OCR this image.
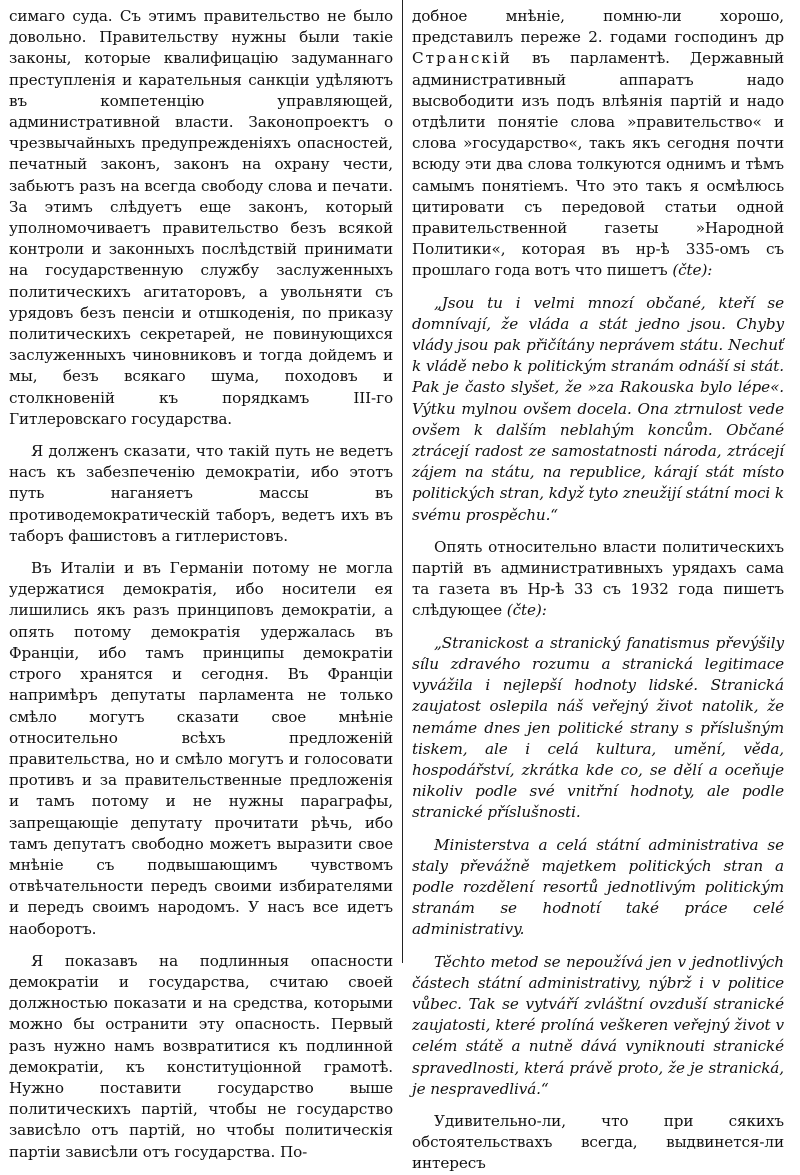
симаго суда. Съ этимъ правительство не было довольно. Правительству нужны были такіе законы, которые квалифицацію задуманнаго преступленія и карательныя санкціи удѣляютъ въ компетенцію управляющей, административной власти. Законопроектъ о чрезвычайныхъ предупрежденіяхъ опасностей, печатный законъ, законъ на охрану чести, забьютъ разъ на всегда свободу слова и печати. За этимъ слѣдуетъ еще законъ, который уполномочиваетъ правительство безъ всякой контроли и законныхъ послѣдствій принимати на государственную службу заслуженныхъ политическихъ агитаторовъ, а увольняти съ урядовъ безъ пенсіи и отшкоденія, по приказу политическихъ секретарей, не повинующихся заслуженныхъ чиновниковъ и тогда дойдемъ и мы, безъ всякаго шума, походовъ и столкновеній къ порядкамъ III-го Гитлеровскаго государства.

Я долженъ сказати, что такій путь не ведетъ насъ къ забезпеченію демократіи, ибо этотъ путь наганяетъ массы въ противодемократическій таборъ, ведетъ ихъ въ таборъ фашистовъ а гитлеристовъ.

Въ Италіи и въ Германіи потому не могла удержатися демократія, ибо носители ея лишились якъ разъ принциповъ демократіи, а опять потому демократія удержалась въ Франціи, ибо тамъ принципы демократіи строго хранятся и сегодня. Въ Франціи напримѣръ депутаты парламента не только смѣло могутъ сказати свое мнѣніе относительно всѣхъ предложеній правительства, но и смѣло могутъ и голосовати противъ и за правительственные предложенія и тамъ потому и не нужны параграфы, запрещающіе депутату прочитати рѣчь, ибо тамъ депутатъ свободно можетъ выразити свое мнѣніе съ подвышающимъ чувствомъ отвѣчательности передъ своими избирателями и передъ своимъ народомъ. У насъ все идетъ наоборотъ.

Я показавъ на подлинныя опасности демократіи и государства, считаю своей должностью показати и на средства, которыми можно бы остранити эту опасность. Первый разъ нужно намъ возвратитися къ подлинной демократіи, къ конституціонной грамотѣ. Нужно поставити государство выше политическихъ партій, чтобы не государство зависѣло отъ партій, но чтобы политическія партіи зависѣли отъ государства. По-

добное мнѣніе, помню-ли хорошо, представилъ пережe 2. годами господинъ др Странскій въ парламентѣ. Державный административный аппаратъ надо высвободити изъ подъ влѣянія партій и надо отдѣлити понятіе слова »правительство« и слова »государство«, такъ якъ сегодня почти всюду эти два слова толкуются однимъ и тѣмъ самымъ понятіемъ. Что это такъ я осмѣлюсь цитировати съ передовой статьи одной правительственной газеты »Народной Политики«, которая въ нр-ѣ 335-омъ съ прошлаго года вотъ что пишетъ (čte):

„Jsou tu i velmi mnozí občané, kteří se domnívají, že vláda a stát jedno jsou. Chyby vlády jsou pak přičítány neprávem státu. Nechuť k vládě nebo k politickým stranám odnáší si stát. Pak je často slyšet, že »za Rakouska bylo lépe«. Výtku mylnou ovšem docela. Ona ztrnulost vede ovšem k dalším neblahým koncům. Občané ztrácejí radost ze samostatnosti národa, ztrácejí zájem na státu, na republice, kárají stát místo politických stran, když tyto zneužijí státní moci k svému prospěchu.“

Опять относительно власти политическихъ партій въ административныхъ урядахъ сама та газета въ Нр-ѣ 33 съ 1932 года пишетъ слѣдующее (čte):

„Stranickost a stranický fanatismus převýšily sílu zdravého rozumu a stranická legitimace vyvážila i nejlepší hodnoty lidské. Stranická zaujatost oslepila náš veřejný život natolik, že nemáme dnes jen politické strany s příslušným tiskem, ale i celá kultura, umění, věda, hospodářství, zkrátka kde co, se dělí a oceňuje nikoliv podle své vnitřní hodnoty, ale podle stranické příslušnosti.

Ministerstva a celá státní administrativa se staly převážně majetkem politických stran a podle rozdělení resortů jednotlivým politickým stranám se hodnotí také práce celé administrativy.

Těchto metod se nepoužívá jen v jednotlivých částech státní administrativy, nýbrž i v politice vůbec. Tak se vytváří zvláštní ovzduší stranické zaujatosti, které prolíná veškeren veřejný život v celém státě a nutně dává vyniknouti stranické spravedlnosti, která právě proto, že je stranická, je nespravedlivá.“

Удивительно-ли, что при сякихъ обстоятельствахъ всегда, выдвинется-ли интересъ
